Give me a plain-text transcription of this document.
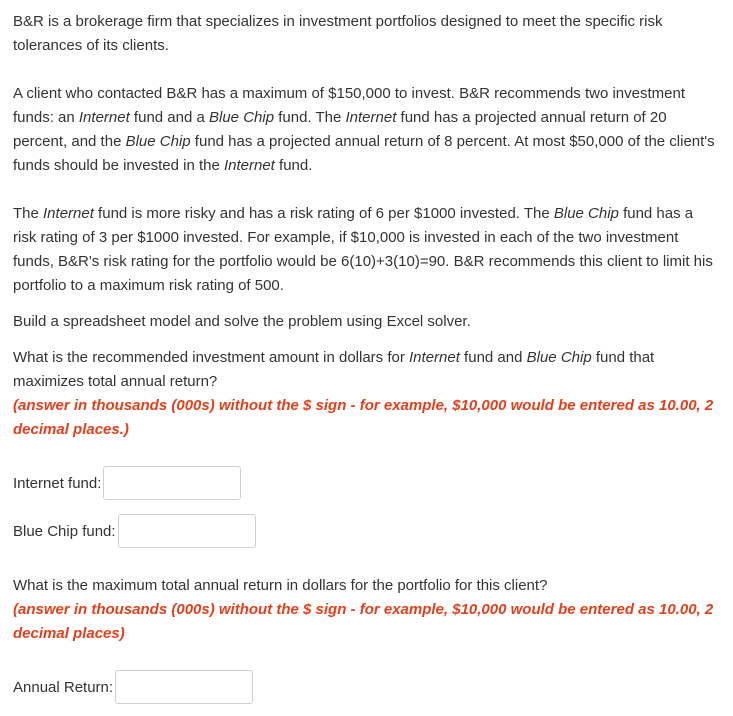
B&R is a brokerage firm that specializes in investment portfolios designed to meet the specific risk tolerances of its clients.

A client who contacted B&R has a maximum of $150,000 to invest. B&R recommends two investment funds: an Internet fund and a Blue Chip fund. The Internet fund has a projected annual return of 20 percent, and the Blue Chip fund has a projected annual return of 8 percent. At most $50,000 of the client's funds should be invested in the Internet fund.

The Internet fund is more risky and has a risk rating of 6 per $1000 invested. The Blue Chip fund has a risk rating of 3 per $1000 invested. For example, if $10,000 is invested in each of the two investment funds, B&R's risk rating for the portfolio would be 6(10)+3(10)=90. B&R recommends this client to limit his portfolio to a maximum risk rating of 500.

Build a spreadsheet model and solve the problem using Excel solver.

What is the recommended investment amount in dollars for Internet fund and Blue Chip fund that maximizes total annual return?
(answer in thousands (000s) without the $ sign - for example, $10,000 would be entered as 10.00, 2 decimal places.)

Internet fund:
Blue Chip fund:

What is the maximum total annual return in dollars for the portfolio for this client?
(answer in thousands (000s) without the $ sign - for example, $10,000 would be entered as 10.00, 2 decimal places)

Annual Return:
